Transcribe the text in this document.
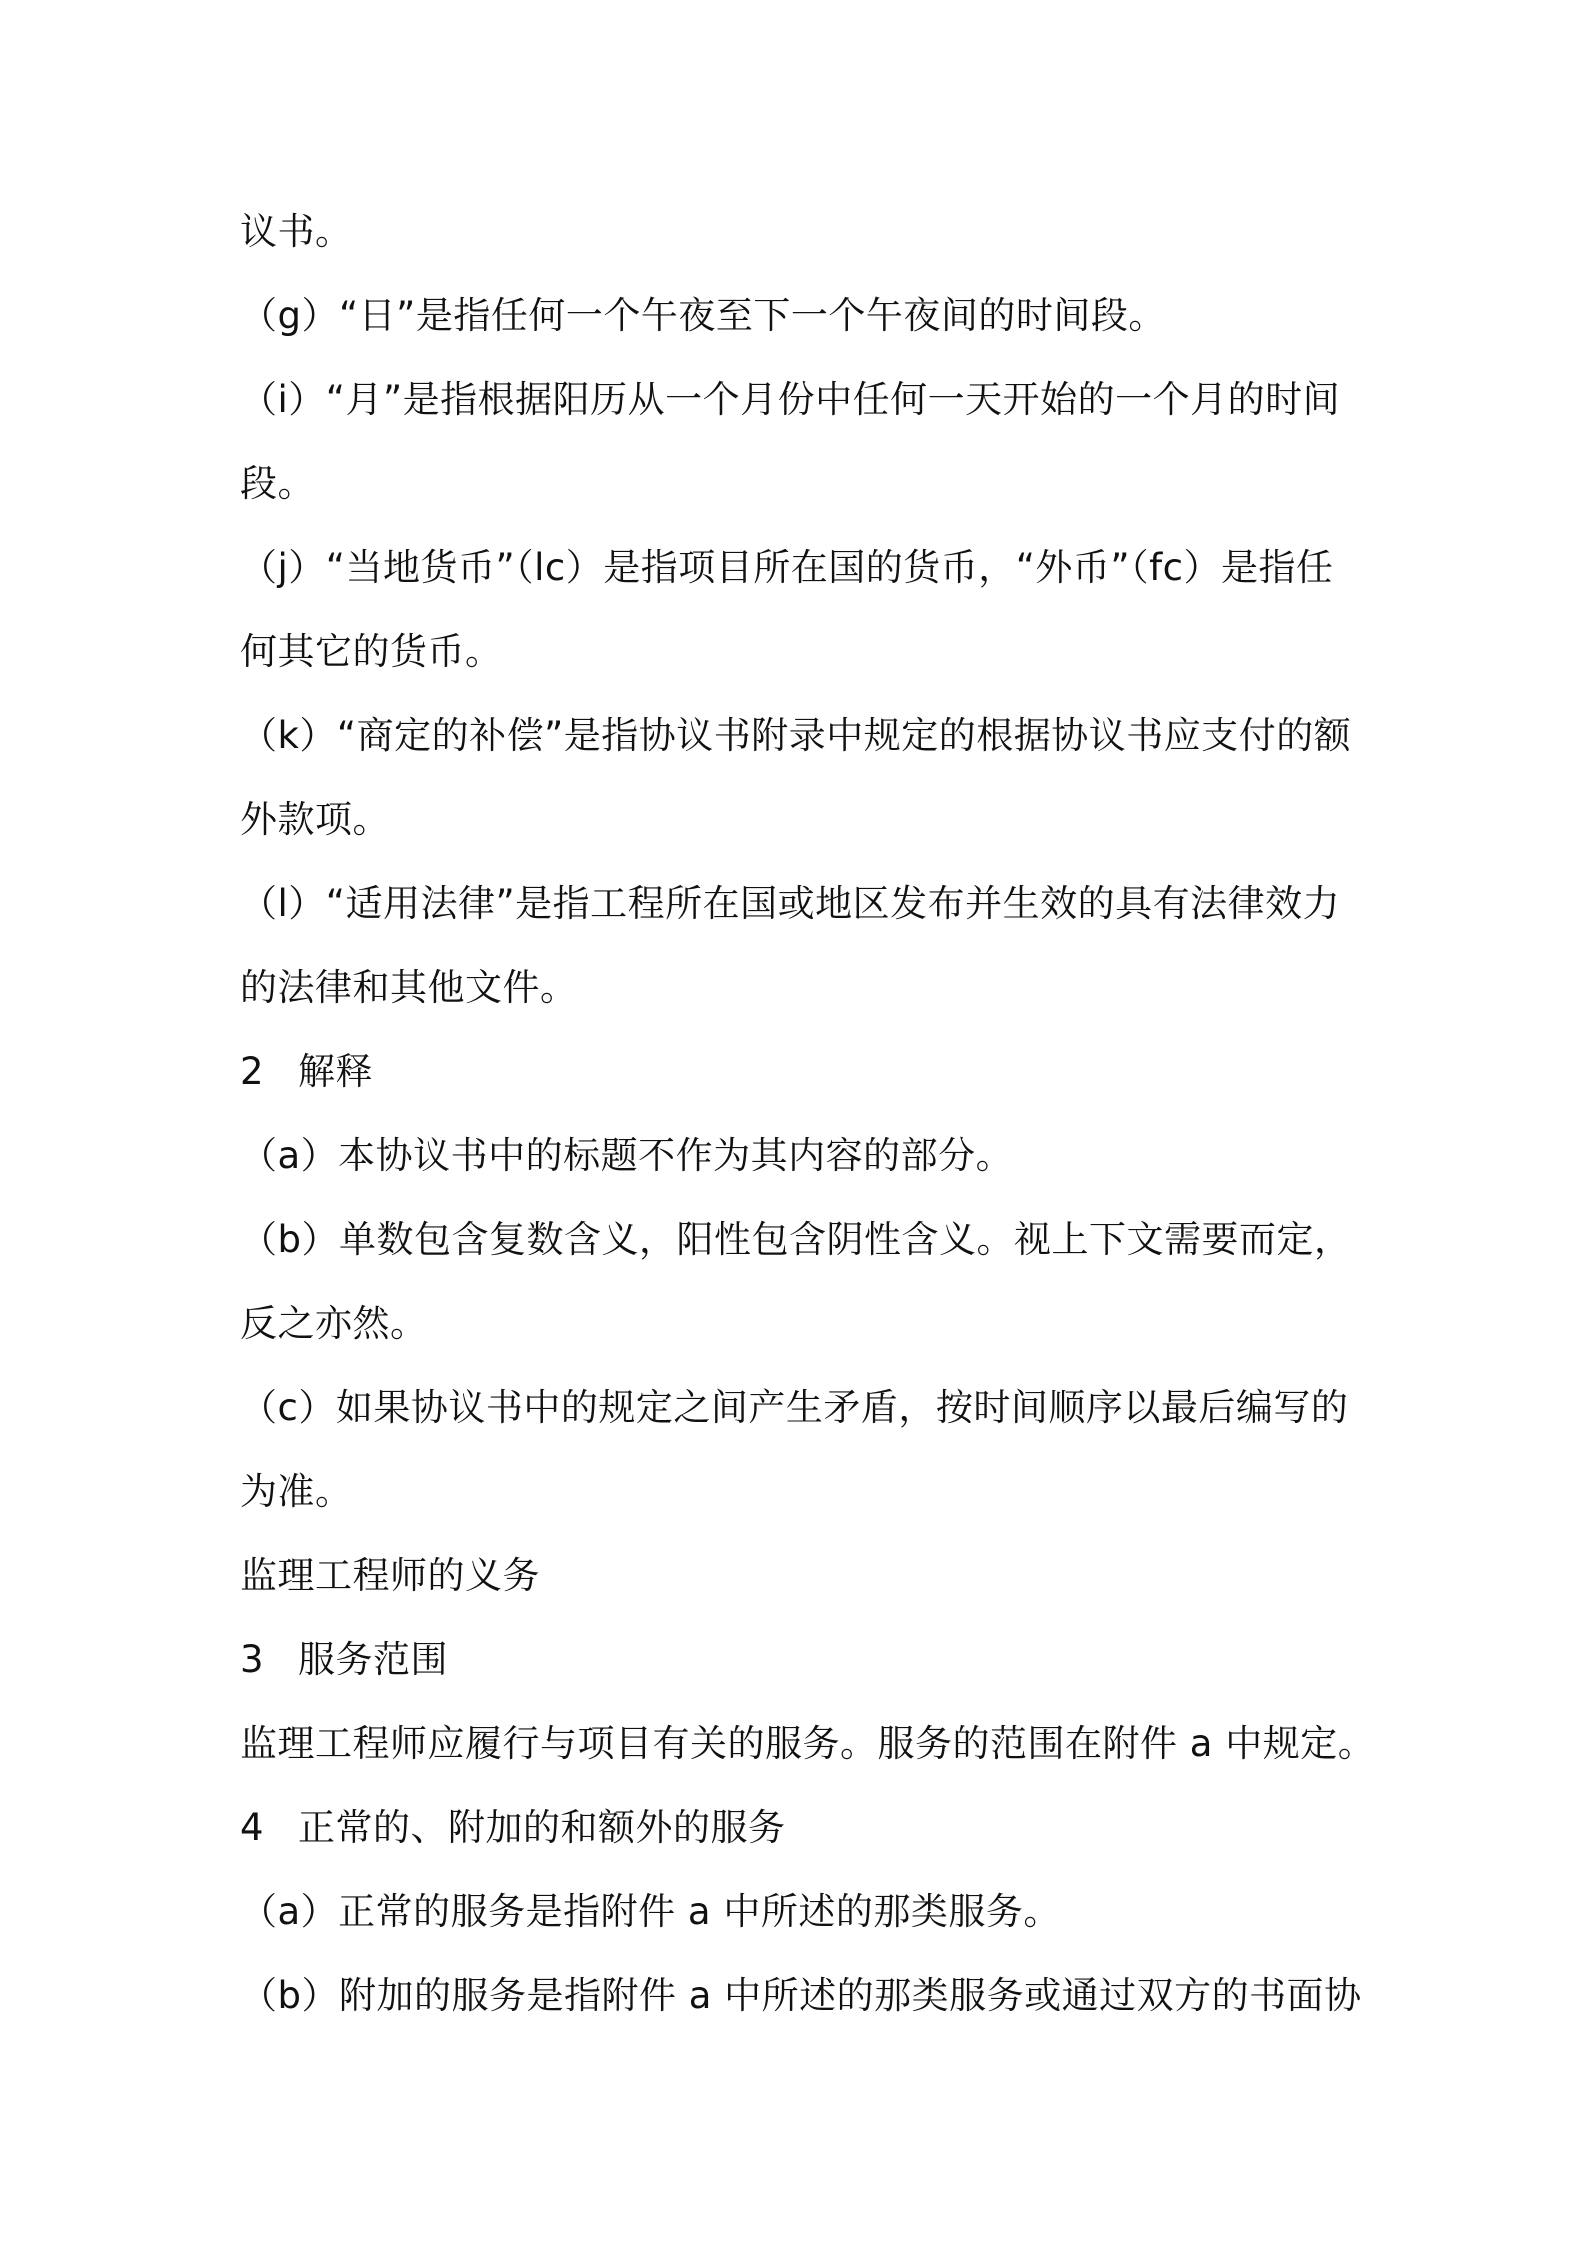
议书。
（g）“日”是指任何一个午夜至下一个午夜间的时间段。
（i）“月”是指根据阳历从一个月份中任何一天开始的一个月的时间
段。
（j）“当地货币”（lc）是指项目所在国的货币，“外币”（fc）是指任
何其它的货币。
（k）“商定的补偿”是指协议书附录中规定的根据协议书应支付的额
外款项。
（l）“适用法律”是指工程所在国或地区发布并生效的具有法律效力
的法律和其他文件。
2 解释
（a）本协议书中的标题不作为其内容的部分。
（b）单数包含复数含义，阳性包含阴性含义。视上下文需要而定，
反之亦然。
（c）如果协议书中的规定之间产生矛盾，按时间顺序以最后编写的
为准。
监理工程师的义务
3 服务范围
监理工程师应履行与项目有关的服务。服务的范围在附件 a 中规定。
4 正常的、附加的和额外的服务
（a）正常的服务是指附件 a 中所述的那类服务。
（b）附加的服务是指附件 a 中所述的那类服务或通过双方的书面协
